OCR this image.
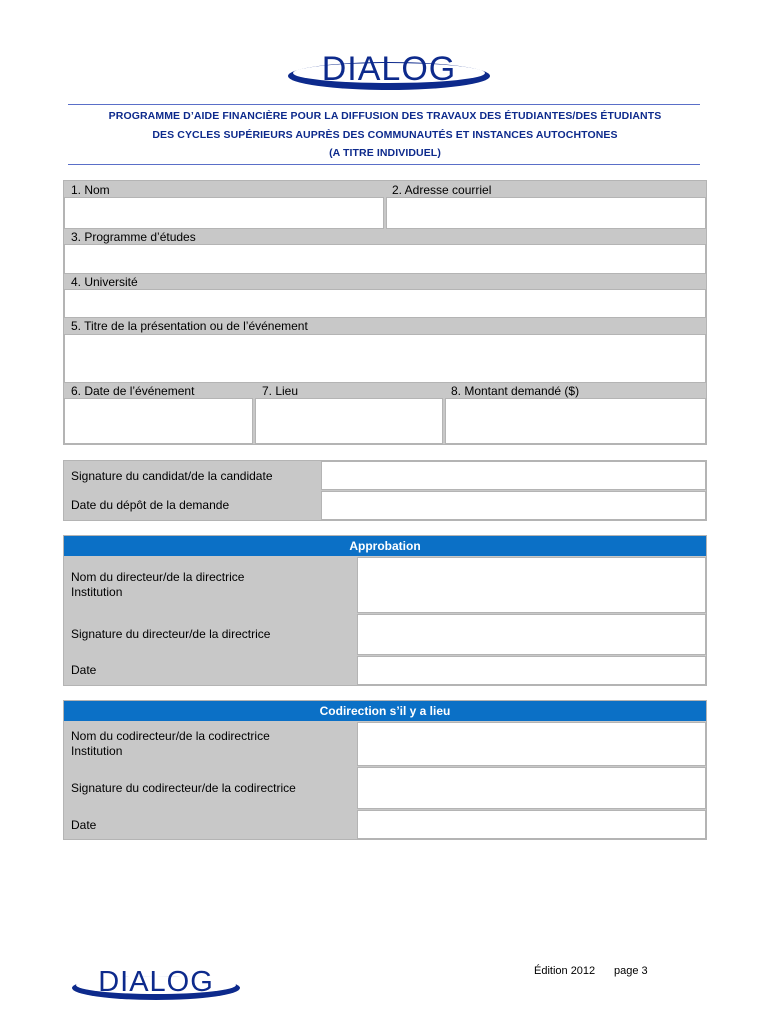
DIALOG
PROGRAMME D’AIDE FINANCIÈRE POUR LA DIFFUSION DES TRAVAUX DES ÉTUDIANTES/DES ÉTUDIANTS
DES CYCLES SUPÉRIEURS AUPRÈS DES COMMUNAUTÉS ET INSTANCES AUTOCHTONES
(A TITRE INDIVIDUEL)
1. Nom	2. Adresse courriel
3. Programme d’études
4. Université
5. Titre de la présentation ou de l’événement
6. Date de l’événement	7. Lieu	8. Montant demandé ($)
Signature du candidat/de la candidate
Date du dépôt de la demande
Approbation
Nom du directeur/de la directrice
Institution
Signature du directeur/de la directrice
Date
Codirection s’il y a lieu
Nom du codirecteur/de la codirectrice
Institution
Signature du codirecteur/de la codirectrice
Date
DIALOG	Édition 2012 page 3
